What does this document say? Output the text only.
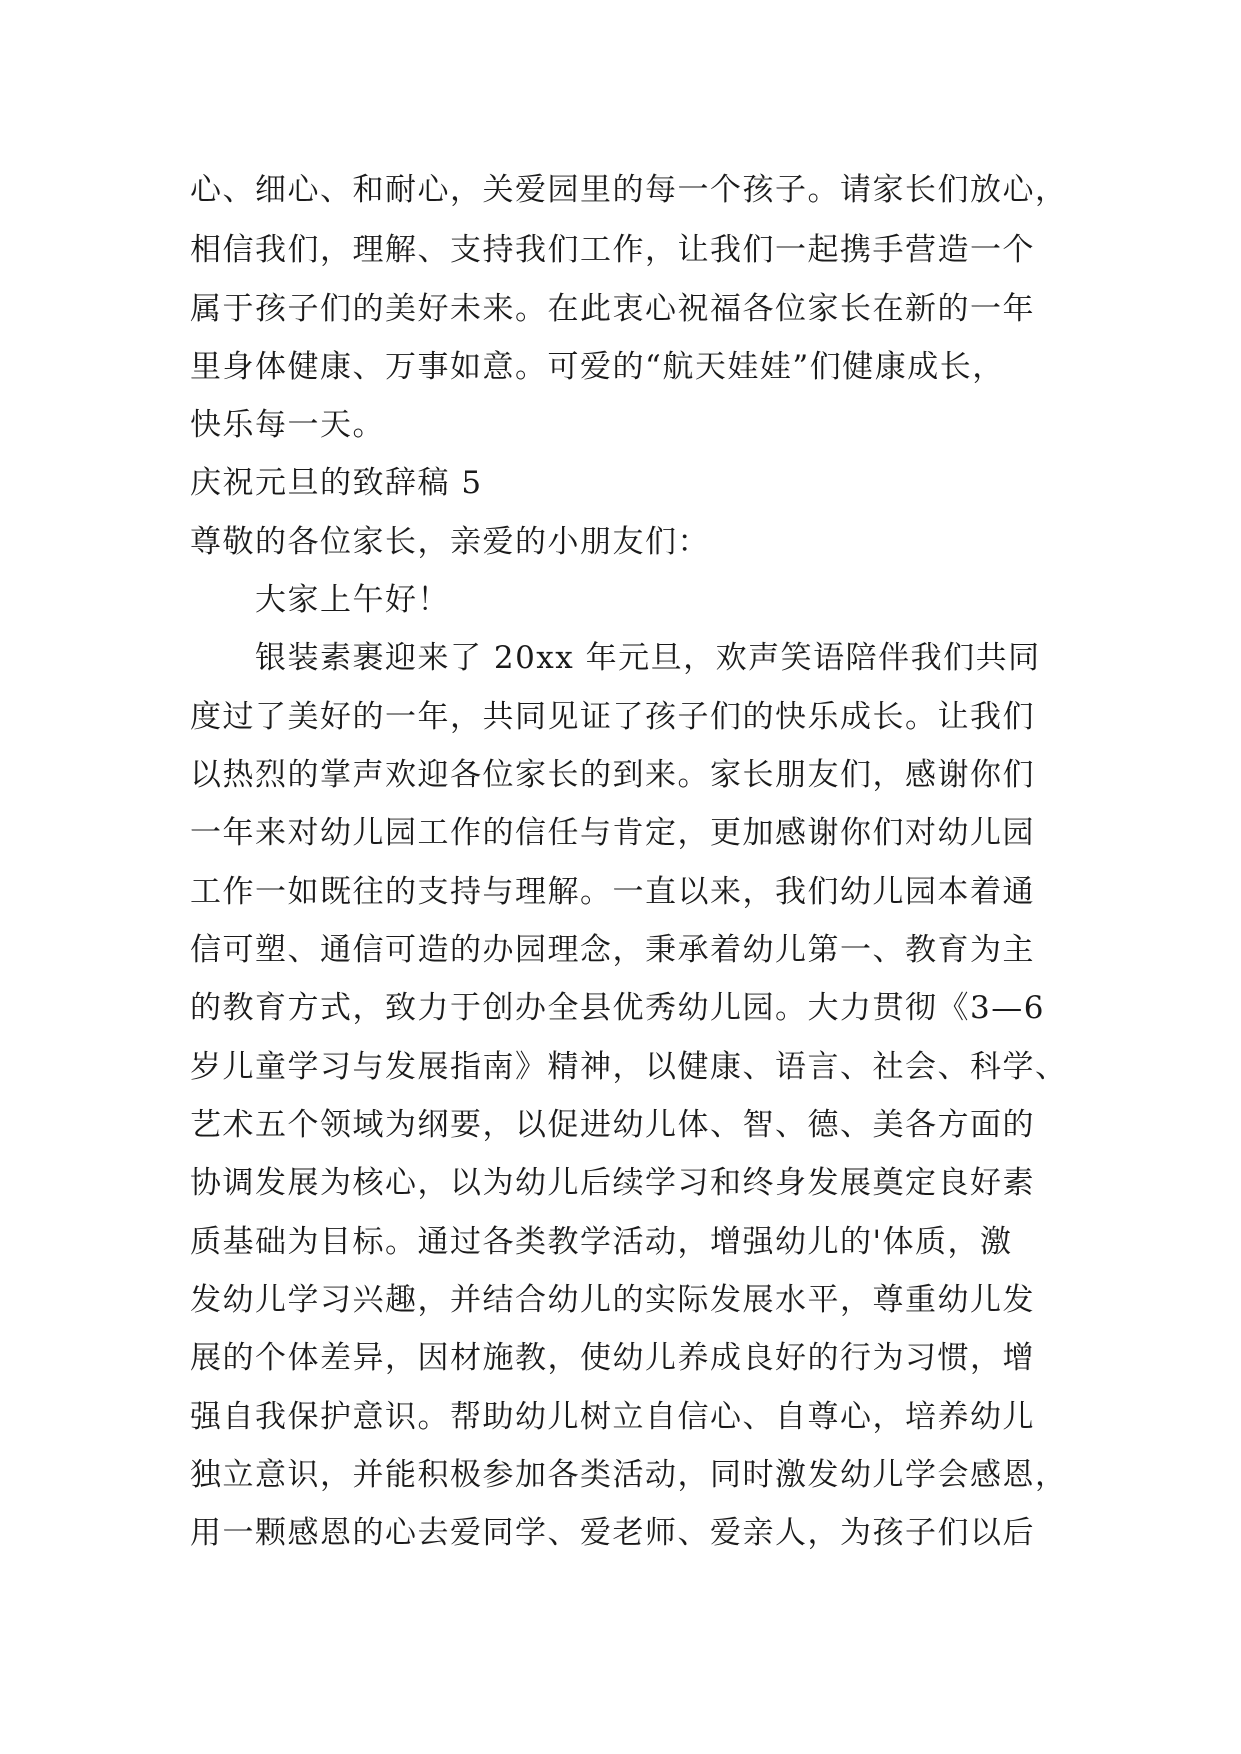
心、细心、和耐心，关爱园里的每一个孩子。请家长们放心，
相信我们，理解、支持我们工作，让我们一起携手营造一个
属于孩子们的美好未来。在此衷心祝福各位家长在新的一年
里身体健康、万事如意。可爱的“航天娃娃”们健康成长，
快乐每一天。
庆祝元旦的致辞稿 5
尊敬的各位家长，亲爱的小朋友们：
大家上午好！
银装素裹迎来了 20xx 年元旦，欢声笑语陪伴我们共同
度过了美好的一年，共同见证了孩子们的快乐成长。让我们
以热烈的掌声欢迎各位家长的到来。家长朋友们，感谢你们
一年来对幼儿园工作的信任与肯定，更加感谢你们对幼儿园
工作一如既往的支持与理解。一直以来，我们幼儿园本着通
信可塑、通信可造的办园理念，秉承着幼儿第一、教育为主
的教育方式，致力于创办全县优秀幼儿园。大力贯彻《3—6
岁儿童学习与发展指南》精神，以健康、语言、社会、科学、
艺术五个领域为纲要，以促进幼儿体、智、德、美各方面的
协调发展为核心，以为幼儿后续学习和终身发展奠定良好素
质基础为目标。通过各类教学活动，增强幼儿的'体质，激
发幼儿学习兴趣，并结合幼儿的实际发展水平，尊重幼儿发
展的个体差异，因材施教，使幼儿养成良好的行为习惯，增
强自我保护意识。帮助幼儿树立自信心、自尊心，培养幼儿
独立意识，并能积极参加各类活动，同时激发幼儿学会感恩，
用一颗感恩的心去爱同学、爱老师、爱亲人，为孩子们以后
